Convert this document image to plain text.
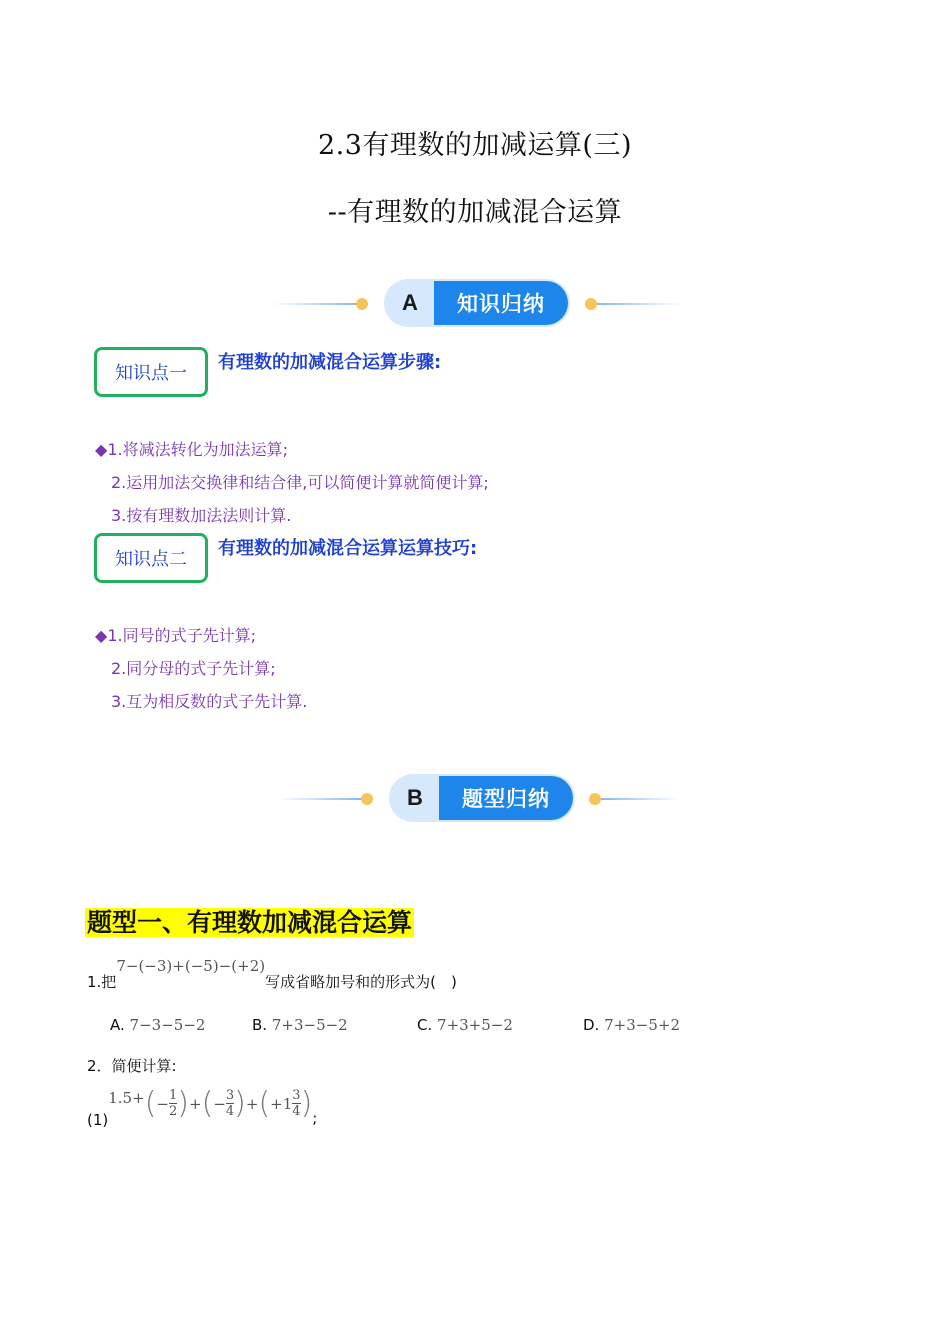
2.3有理数的加减运算(三)
--有理数的加减混合运算
A	知识归纳
知识点一
有理数的加减混合运算步骤:
◆1.将减法转化为加法运算;
2.运用加法交换律和结合律,可以简便计算就简便计算;
3.按有理数加法法则计算.
知识点二
有理数的加减混合运算运算技巧:
◆1.同号的式子先计算;
2.同分母的式子先计算;
3.互为相反数的式子先计算.
B	题型归纳
题型一、有理数加减混合运算
1.把7−(−3)+(−5)−(+2)写成省略加号和的形式为(　)
A. 7−3−5−2	B. 7+3−5−2	C. 7+3+5−2	D. 7+3−5+2
2．简便计算:
(1)
1.5+ ( − $\frac{1}{2}$ ) + ( − $\frac{3}{4}$ ) + ( $+1 \frac{3}{4}$ ) ;
